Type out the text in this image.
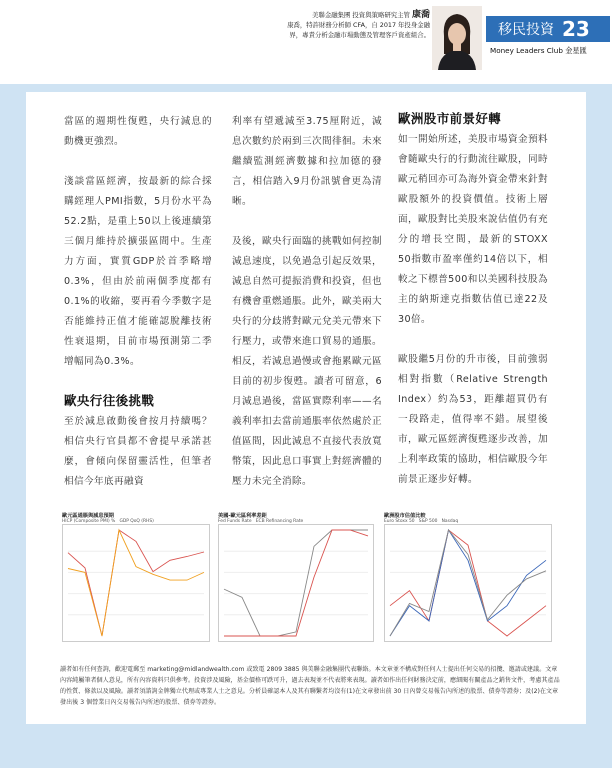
美聯金融集團 投資與策略研究主管 康喬
康喬，特許財務分析師 CFA，自 2017 年投身金融
界，專責分析金融市場動態及管理客戶資產組合。	移民投資 23
Money Leaders Club 金星匯

當區的週期性復甦，央行減息的動機更強烈。

淺談當區經濟，按最新的綜合採購經理人PMI指數，5月份水平為52.2點，是重上50以上後連續第三個月維持於擴張區間中。生產力方面，實質GDP於首季略增0.3%，但由於前兩個季度都有0.1%的收縮，要再看今季數字是否能維持正值才能確認脫離技術性衰退期，目前市場預測第二季增幅同為0.3%。

歐央行往後挑戰

至於減息啟動後會按月持續嗎？相信央行官員都不會提早承諾甚麼，會傾向保留靈活性，但筆者相信今年底再融資

利率有望遞減至3.75厘附近，減息次數約於兩到三次間徘徊。未來繼續監測經濟數據和拉加德的發言，相信踏入9月份訊號會更為清晰。

及後，歐央行面臨的挑戰如何控制減息速度，以免過急引起反效果，減息自然可提振消費和投資，但也有機會重燃通脹。此外，歐美兩大央行的分歧將對歐元兌美元帶來下行壓力，或帶來進口貿易的通脹。相反，若減息過慢或會拖累歐元區目前的初步復甦。讀者可留意，6月減息過後，當區實際利率——名義利率扣去當前通脹率依然處於正值區間，因此減息不直接代表放寬幣策，因此息口事實上對經濟體的壓力未完全消除。

歐洲股市前景好轉

如一開始所述，美股市場資金預料會隨歐央行的行動流往歐股，同時歐元稍回亦可為海外資金帶來針對歐股額外的投資價值。技術上層面，歐股對比美股來說估值仍有充分的增長空間，最新的STOXX 50指數市盈率僅約14倍以下，相較之下標普500和以美國科技股為主的納斯達克指數估值已達22及30倍。

歐股繼5月份的升市後，目前強弱相對指數（Relative Strength Index）約為53，距離超買仍有一段路走，值得率不錯。展望後市，歐元區經濟復甦逐步改善，加上利率政策的協助，相信歐股今年前景正逐步好轉。

歐元區通脹與減息預期
HICP (Composite PMI) % GDP QoQ (RHS)
美國-歐元區利率差距
Fed Funds Rate ECB Refinancing Rate
歐洲股市估值比較
Euro Stoxx 50 S&P 500 Nasdaq
讀者如有任何查詢，歡迎電郵至 marketing@midlandwealth.com 或致電 2809 3885 與美聯金融集團代表聯絡。本文章並不構成對任何人士提出任何交易的招攬、邀請或建議。文章內容純屬筆者個人意見，所有內容資料只供參考。投資涉及風險，基金價格可跌可升，過去表現並不代表將來表現。讀者如作出任何財務決定前，應細閱有關產品之銷售文件，考慮其產品的性質、條款以及風險。讀者須諮詢金牌獨立代理或專業人士之意見。分析員確認本人及其有聯繫者均沒有(1)在文章發出前 30 日內曾交易報告內所述的股票、債券等證券；及(2)在文章發出後 3 個營業日內交易報告內所述的股票、債券等證券。
